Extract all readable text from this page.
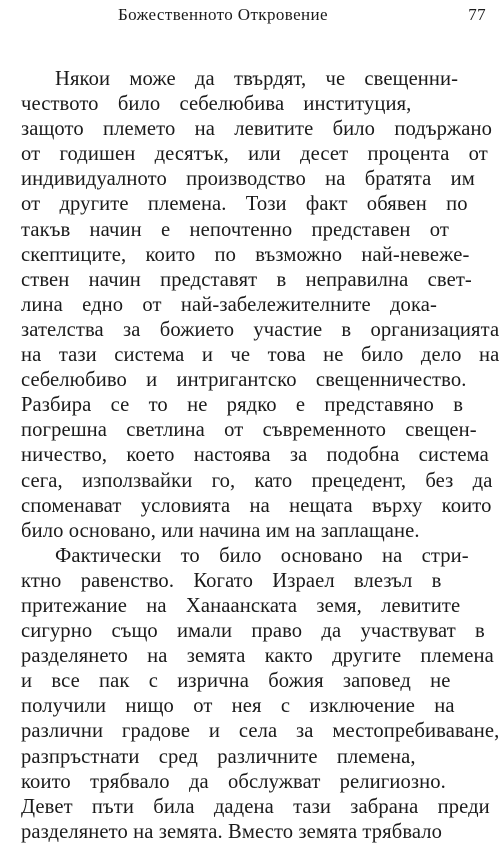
Божественното Откровение	77
Някои може да твърдят, че свещенни-
чеството било себелюбива институция,
защото племето на левитите било подържано
от годишен десятък, или десет процента от
индивидуалното производство на братята им
от другите племена. Този факт обявен по
такъв начин е непочтенно представен от
скептиците, които по възможно най-невеже-
ствен начин представят в неправилна свет-
лина едно от най-забележителните дока-
зателства за божието участие в организацията
на тази система и че това не било дело на
себелюбиво и интригантско свещенничество.
Разбира се то не рядко е представяно в
погрешна светлина от съвременното свещен-
ничество, което настоява за подобна система
сега, използвайки го, като прецедент, без да
споменават условията на нещата върху които
било основано, или начина им на заплащане.
Фактически то било основано на стри-
ктно равенство. Когато Израел влезъл в
притежание на Ханаанската земя, левитите
сигурно също имали право да участвуват в
разделянето на земята както другите племена
и все пак с изрична божия заповед не
получили нищо от нея с изключение на
различни градове и села за местопребиваване,
разпръстнати сред различните племена,
които трябвало да обслужват религиозно.
Девет пъти била дадена тази забрана преди
разделянето на земята. Вместо земята трябвало
